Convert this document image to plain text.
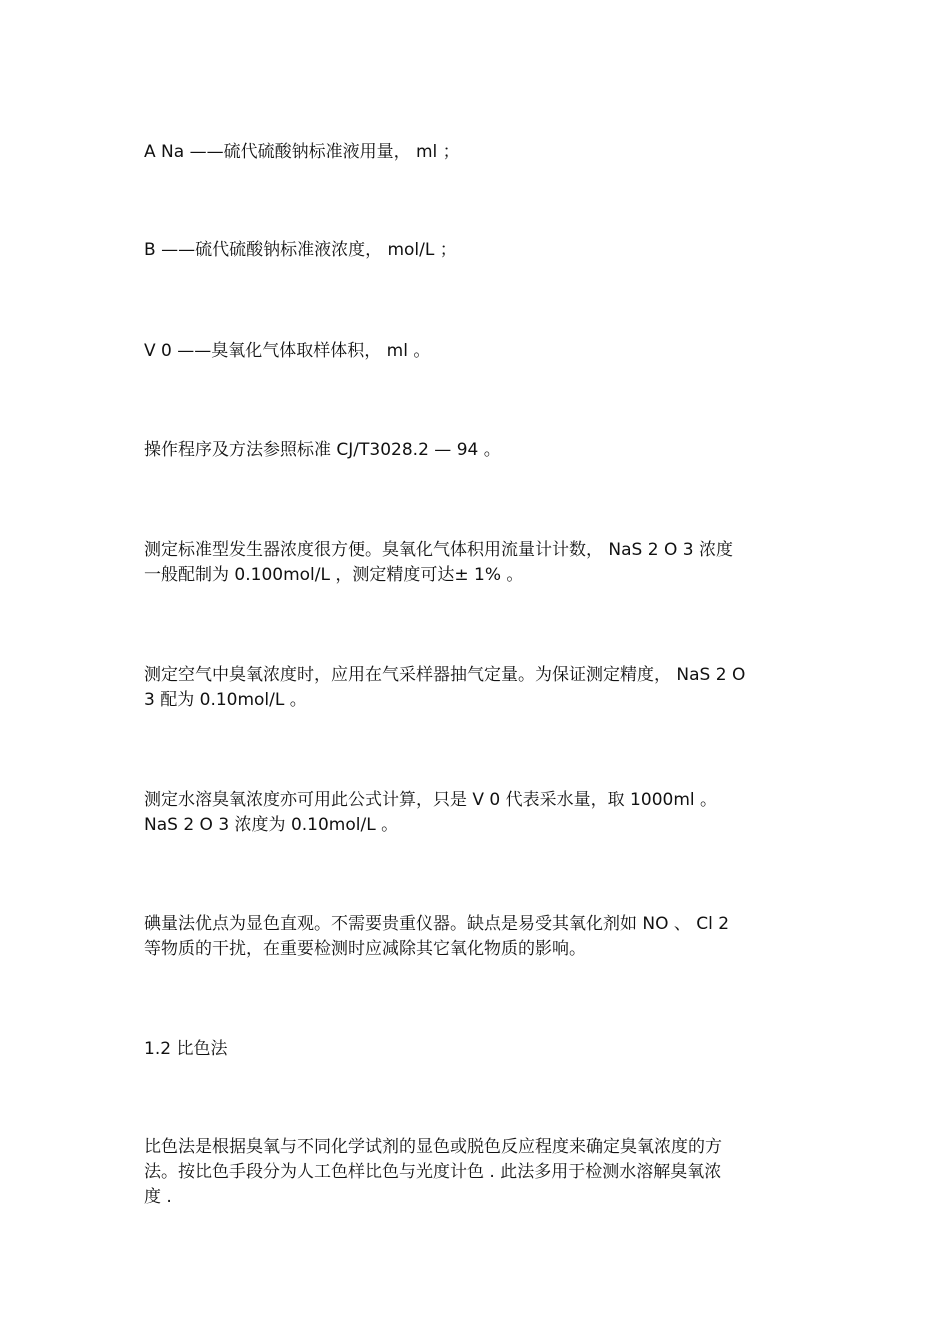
A Na ——硫代硫酸钠标准液用量， ml ；

B ——硫代硫酸钠标准液浓度， mol/L ；

V 0 ——臭氧化气体取样体积， ml 。

操作程序及方法参照标准 CJ/T3028.2 — 94 。

测定标准型发生器浓度很方便。臭氧化气体积用流量计计数， NaS 2 O 3 浓度
一般配制为 0.100mol/L ，测定精度可达± 1% 。

测定空气中臭氧浓度时，应用在气采样器抽气定量。为保证测定精度， NaS 2 O
3 配为 0.10mol/L 。

测定水溶臭氧浓度亦可用此公式计算，只是 V 0 代表采水量，取 1000ml 。
NaS 2 O 3 浓度为 0.10mol/L 。

碘量法优点为显色直观。不需要贵重仪器。缺点是易受其氧化剂如 NO 、 Cl 2
等物质的干扰，在重要检测时应减除其它氧化物质的影响。

1.2 比色法

比色法是根据臭氧与不同化学试剂的显色或脱色反应程度来确定臭氧浓度的方
法。按比色手段分为人工色样比色与光度计色 . 此法多用于检测水溶解臭氧浓
度 .
